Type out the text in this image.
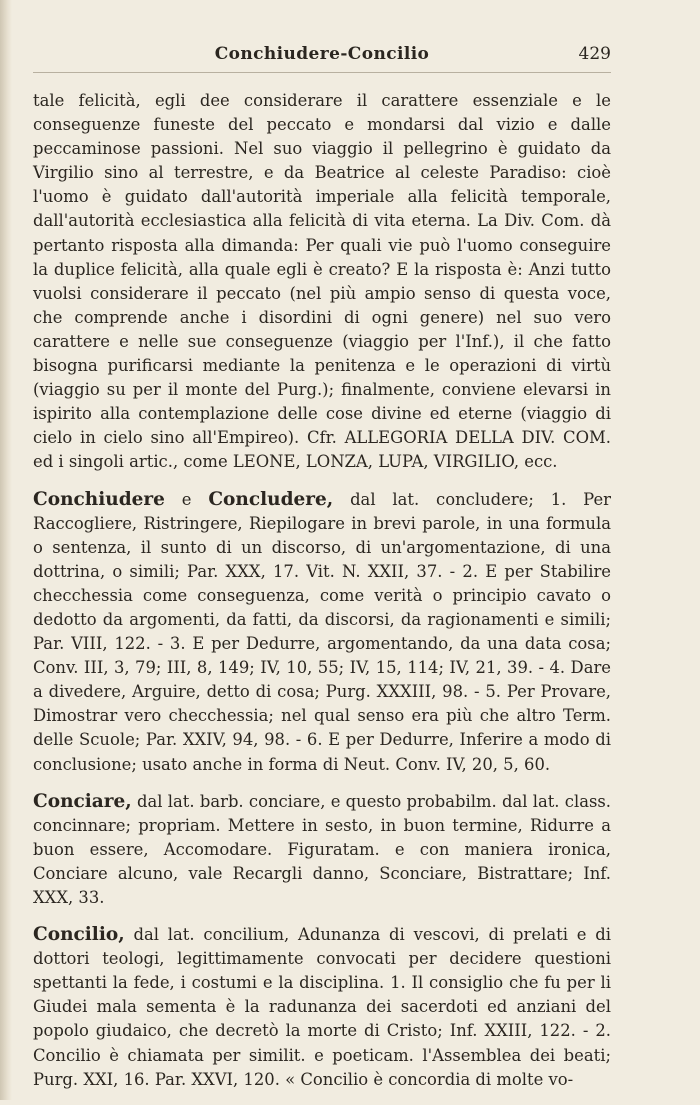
Conchiudere-Concilio	429

tale felicità, egli dee considerare il carattere essenziale e le conseguenze funeste del peccato e mondarsi dal vizio e dalle peccaminose passioni. Nel suo viaggio il pellegrino è guidato da Virgilio sino al terrestre, e da Beatrice al celeste Paradiso: cioè l'uomo è guidato dall'autorità imperiale alla felicità temporale, dall'autorità ecclesiastica alla felicità di vita eterna. La Div. Com. dà pertanto risposta alla dimanda: Per quali vie può l'uomo conseguire la duplice felicità, alla quale egli è creato? E la risposta è: Anzi tutto vuolsi considerare il peccato (nel più ampio senso di questa voce, che comprende anche i disordini di ogni genere) nel suo vero carattere e nelle sue conseguenze (viaggio per l'Inf.), il che fatto bisogna purificarsi mediante la penitenza e le operazioni di virtù (viaggio su per il monte del Purg.); finalmente, conviene elevarsi in ispirito alla contemplazione delle cose divine ed eterne (viaggio di cielo in cielo sino all'Empireo). Cfr. ALLEGORIA DELLA DIV. COM. ed i singoli artic., come LEONE, LONZA, LUPA, VIRGILIO, ecc.

Conchiudere e Concludere, dal lat. concludere; 1. Per Raccogliere, Ristringere, Riepilogare in brevi parole, in una formula o sentenza, il sunto di un discorso, di un'argomentazione, di una dottrina, o simili; Par. XXX, 17. Vit. N. XXII, 37. - 2. E per Stabilire checchessia come conseguenza, come verità o principio cavato o dedotto da argomenti, da fatti, da discorsi, da ragionamenti e simili; Par. VIII, 122. - 3. E per Dedurre, argomentando, da una data cosa; Conv. III, 3, 79; III, 8, 149; IV, 10, 55; IV, 15, 114; IV, 21, 39. - 4. Dare a divedere, Arguire, detto di cosa; Purg. XXXIII, 98. - 5. Per Provare, Dimostrar vero checchessia; nel qual senso era più che altro Term. delle Scuole; Par. XXIV, 94, 98. - 6. E per Dedurre, Inferire a modo di conclusione; usato anche in forma di Neut. Conv. IV, 20, 5, 60.

Conciare, dal lat. barb. conciare, e questo probabilm. dal lat. class. concinnare; propriam. Mettere in sesto, in buon termine, Ridurre a buon essere, Accomodare. Figuratam. e con maniera ironica, Conciare alcuno, vale Recargli danno, Sconciare, Bistrattare; Inf. XXX, 33.

Concilio, dal lat. concilium, Adunanza di vescovi, di prelati e di dottori teologi, legittimamente convocati per decidere questioni spettanti la fede, i costumi e la disciplina. 1. Il consiglio che fu per li Giudei mala sementa è la radunanza dei sacerdoti ed anziani del popolo giudaico, che decretò la morte di Cristo; Inf. XXIII, 122. - 2. Concilio è chiamata per similit. e poeticam. l'Assemblea dei beati; Purg. XXI, 16. Par. XXVI, 120. « Concilio è concordia di molte vo-
